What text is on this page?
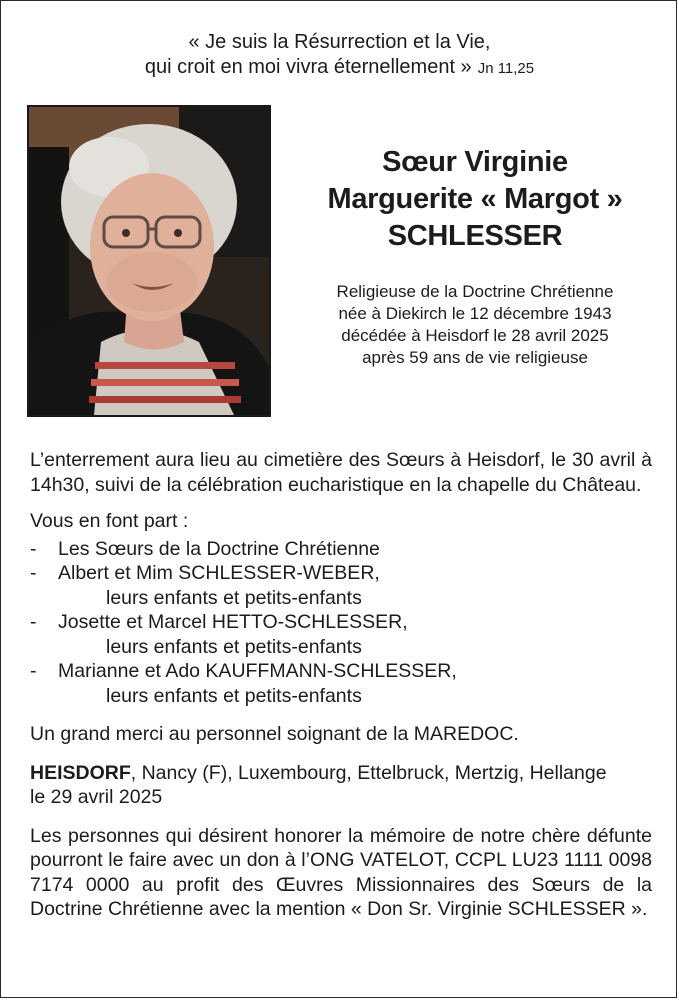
« Je suis la Résurrection et la Vie,
qui croit en moi vivra éternellement » Jn 11,25
Sœur Virginie
Marguerite « Margot »
SCHLESSER
Religieuse de la Doctrine Chrétienne
née à Diekirch le 12 décembre 1943
décédée à Heisdorf le 28 avril 2025
après 59 ans de vie religieuse

L’enterrement aura lieu au cimetière des Sœurs à Heisdorf, le 30 avril à 14h30, suivi de la célébration eucharistique en la chapelle du Château.

Vous en font part :

- Les Sœurs de la Doctrine Chrétienne
- Albert et Mim SCHLESSER-WEBER,
leurs enfants et petits-enfants
- Josette et Marcel HETTO-SCHLESSER,
leurs enfants et petits-enfants
- Marianne et Ado KAUFFMANN-SCHLESSER,
leurs enfants et petits-enfants

Un grand merci au personnel soignant de la MAREDOC.

HEISDORF, Nancy (F), Luxembourg, Ettelbruck, Mertzig, Hellange
le 29 avril 2025

Les personnes qui désirent honorer la mémoire de notre chère défunte pourront le faire avec un don à l’ONG VATELOT, CCPL LU23 1111 0098 7174 0000 au profit des Œuvres Missionnaires des Sœurs de la Doctrine Chrétienne avec la mention « Don Sr. Virginie SCHLESSER ».
